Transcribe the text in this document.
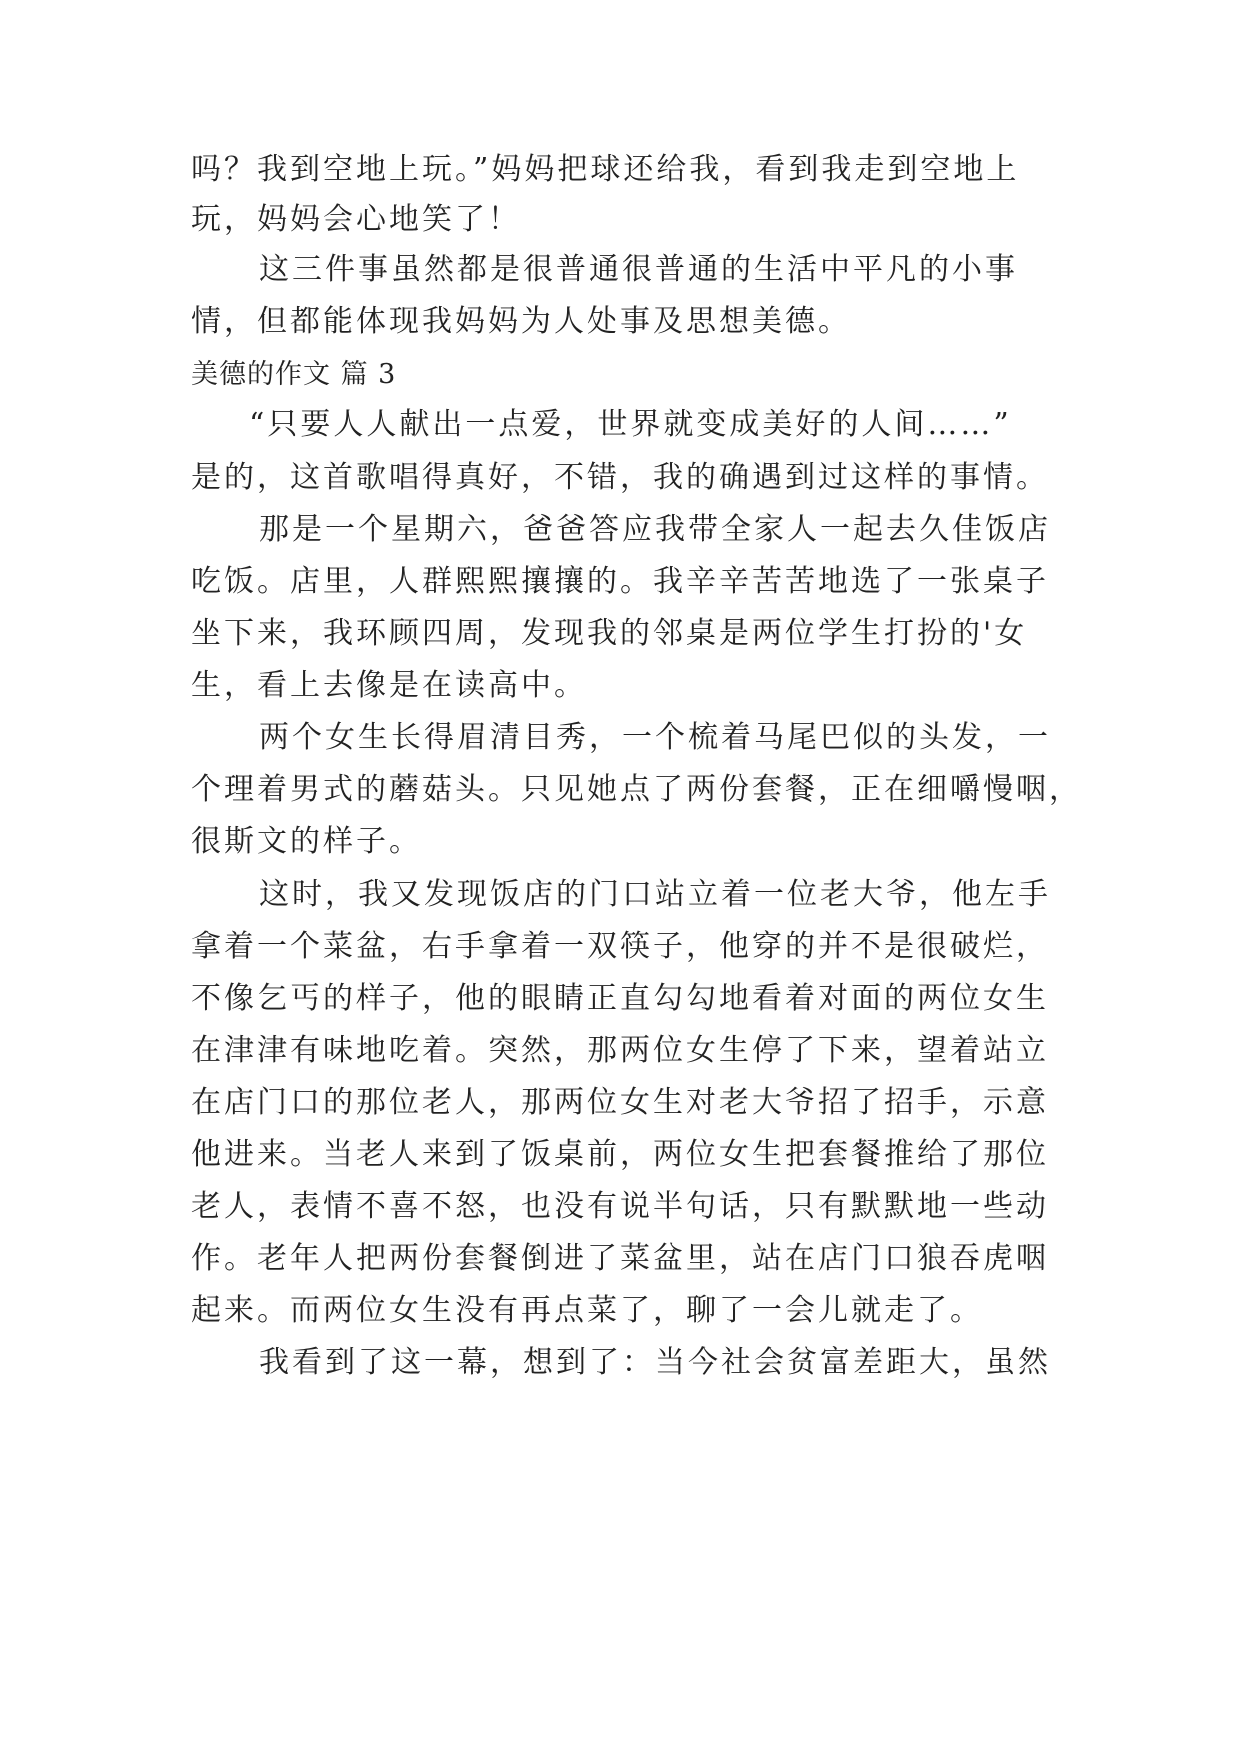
吗？我到空地上玩。”妈妈把球还给我，看到我走到空地上
玩，妈妈会心地笑了！
这三件事虽然都是很普通很普通的生活中平凡的小事
情，但都能体现我妈妈为人处事及思想美德。
美德的作文 篇 3
“只要人人献出一点爱，世界就变成美好的人间……”
是的，这首歌唱得真好，不错，我的确遇到过这样的事情。
那是一个星期六，爸爸答应我带全家人一起去久佳饭店
吃饭。店里，人群熙熙攘攘的。我辛辛苦苦地选了一张桌子
坐下来，我环顾四周，发现我的邻桌是两位学生打扮的'女
生，看上去像是在读高中。
两个女生长得眉清目秀，一个梳着马尾巴似的头发，一
个理着男式的蘑菇头。只见她点了两份套餐，正在细嚼慢咽，
很斯文的样子。
这时，我又发现饭店的门口站立着一位老大爷，他左手
拿着一个菜盆，右手拿着一双筷子，他穿的并不是很破烂，
不像乞丐的样子，他的眼睛正直勾勾地看着对面的两位女生
在津津有味地吃着。突然，那两位女生停了下来，望着站立
在店门口的那位老人，那两位女生对老大爷招了招手，示意
他进来。当老人来到了饭桌前，两位女生把套餐推给了那位
老人，表情不喜不怒，也没有说半句话，只有默默地一些动
作。老年人把两份套餐倒进了菜盆里，站在店门口狼吞虎咽
起来。而两位女生没有再点菜了，聊了一会儿就走了。
我看到了这一幕，想到了：当今社会贫富差距大，虽然
